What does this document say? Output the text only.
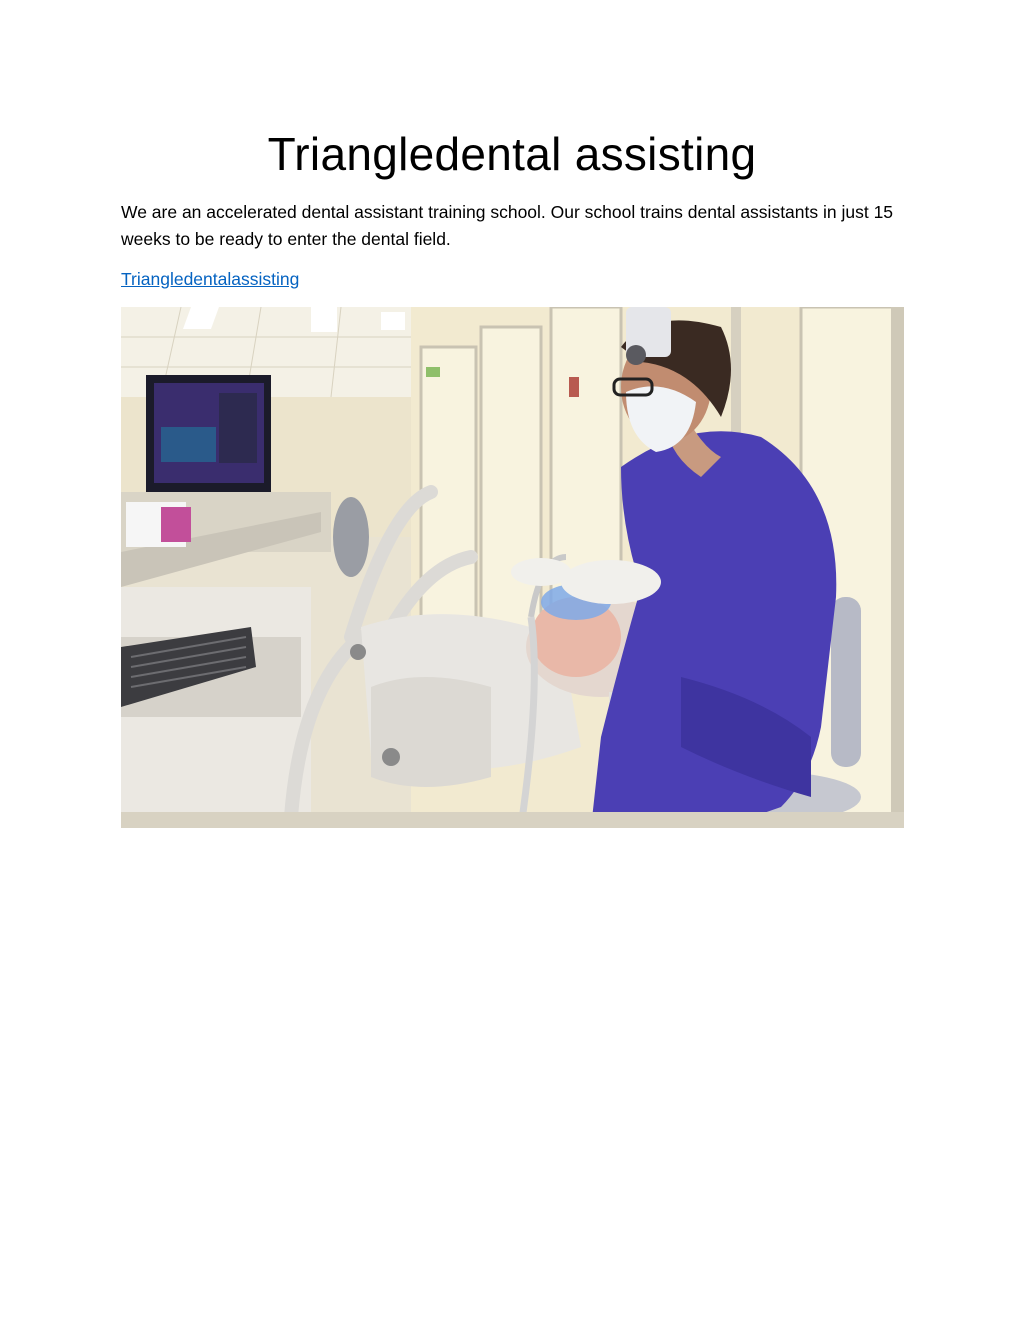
Triangledental assisting

We are an accelerated dental assistant training school. Our school trains dental assistants in just 15 weeks to be ready to enter the dental field.

Triangledentalassisting
